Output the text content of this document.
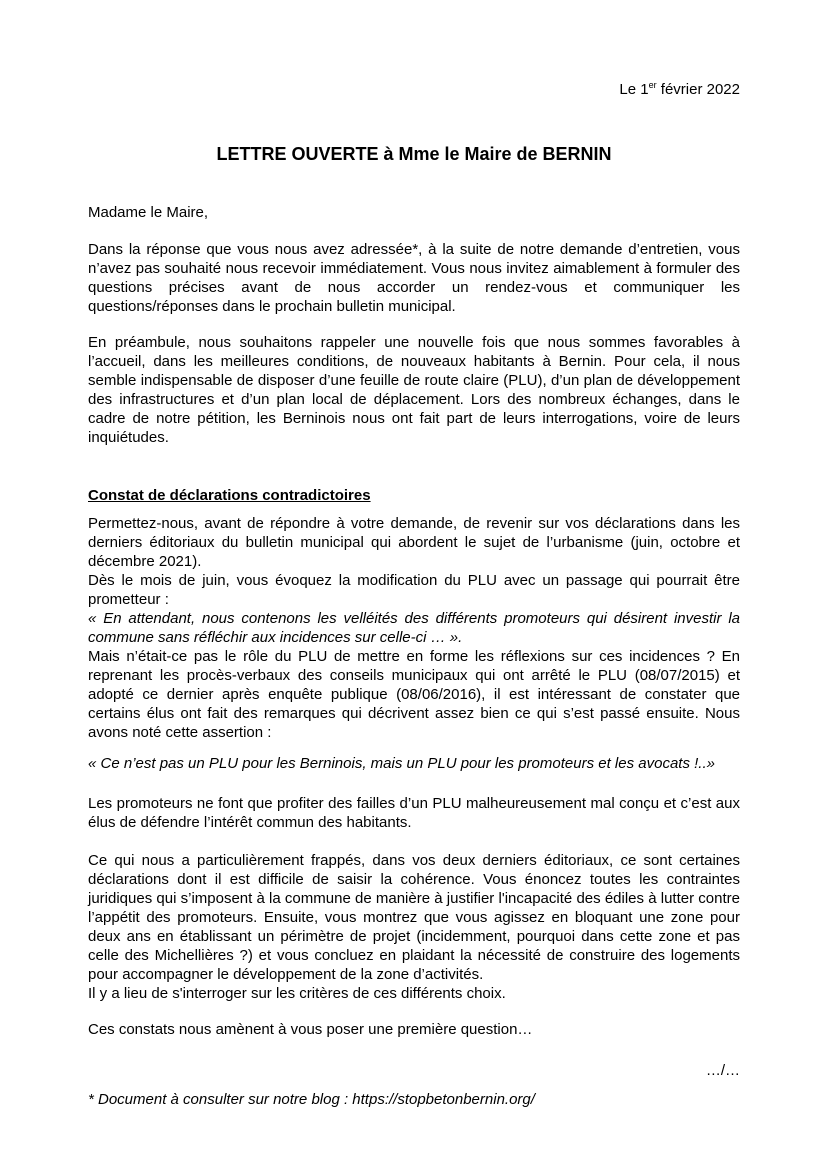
Le 1er février 2022
LETTRE OUVERTE à Mme le Maire de BERNIN

Madame le Maire,

Dans la réponse que vous nous avez adressée*, à la suite de notre demande d’entretien, vous n’avez pas souhaité nous recevoir immédiatement. Vous nous invitez aimablement à formuler des questions précises avant de nous accorder un rendez-vous et communiquer les questions/réponses dans le prochain bulletin municipal.

En préambule, nous souhaitons rappeler une nouvelle fois que nous sommes favorables à l’accueil, dans les meilleures conditions, de nouveaux habitants à Bernin. Pour cela, il nous semble indispensable de disposer d’une feuille de route claire (PLU), d’un plan de développement des infrastructures et d’un plan local de déplacement. Lors des nombreux échanges, dans le cadre de notre pétition, les Berninois nous ont fait part de leurs interrogations, voire de leurs inquiétudes.

Constat de déclarations contradictoires

Permettez-nous, avant de répondre à votre demande, de revenir sur vos déclarations dans les derniers éditoriaux du bulletin municipal qui abordent le sujet de l’urbanisme (juin, octobre et décembre 2021).

Dès le mois de juin, vous évoquez la modification du PLU avec un passage qui pourrait être prometteur :

« En attendant, nous contenons les velléités des différents promoteurs qui désirent investir la commune sans réfléchir aux incidences sur celle-ci … ».

Mais n’était-ce pas le rôle du PLU de mettre en forme les réflexions sur ces incidences ? En reprenant les procès-verbaux des conseils municipaux qui ont arrêté le PLU (08/07/2015) et adopté ce dernier après enquête publique (08/06/2016), il est intéressant de constater que certains élus ont fait des remarques qui décrivent assez bien ce qui s’est passé ensuite. Nous avons noté cette assertion :

« Ce n’est pas un PLU pour les Berninois, mais un PLU pour les promoteurs et les avocats !..»

Les promoteurs ne font que profiter des failles d’un PLU malheureusement mal conçu et c’est aux élus de défendre l’intérêt commun des habitants.

Ce qui nous a particulièrement frappés, dans vos deux derniers éditoriaux, ce sont certaines déclarations dont il est difficile de saisir la cohérence. Vous énoncez toutes les contraintes juridiques qui s’imposent à la commune de manière à justifier l'incapacité des édiles à lutter contre l’appétit des promoteurs. Ensuite, vous montrez que vous agissez en bloquant une zone pour deux ans en établissant un périmètre de projet (incidemment, pourquoi dans cette zone et pas celle des Michellières ?) et vous concluez en plaidant la nécessité de construire des logements pour accompagner le développement de la zone d’activités.

Il y a lieu de s'interroger sur les critères de ces différents choix.

Ces constats nous amènent à vous poser une première question…

…/…

* Document à consulter sur notre blog : https://stopbetonbernin.org/
